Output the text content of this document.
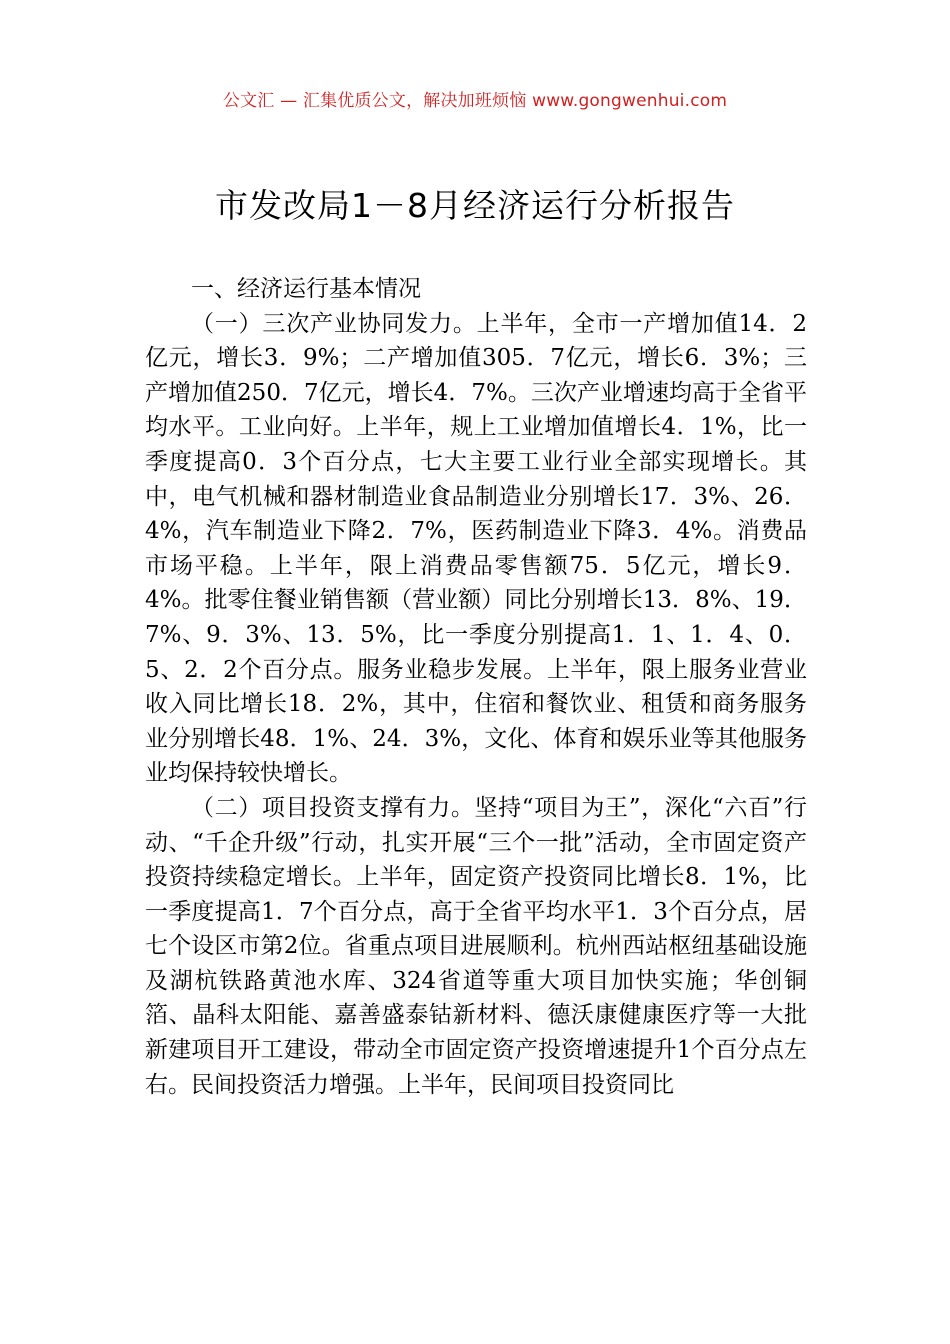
公文汇 — 汇集优质公文，解决加班烦恼 www.gongwenhui.com
市发改局1－8月经济运行分析报告

一、经济运行基本情况

（一）三次产业协同发力。上半年，全市一产增加值14．2亿元，增长3．9%；二产增加值305．7亿元，增长6．3%；三产增加值250．7亿元，增长4．7%。三次产业增速均高于全省平均水平。工业向好。上半年，规上工业增加值增长4．1%，比一季度提高0．3个百分点，七大主要工业行业全部实现增长。其中，电气机械和器材制造业食品制造业分别增长17．3%、26．4%，汽车制造业下降2．7%，医药制造业下降3．4%。消费品市场平稳。上半年，限上消费品零售额75．5亿元，增长9．4%。批零住餐业销售额（营业额）同比分别增长13．8%、19．7%、9．3%、13．5%，比一季度分别提高1．1、1．4、0．5、2．2个百分点。服务业稳步发展。上半年，限上服务业营业收入同比增长18．2%，其中，住宿和餐饮业、租赁和商务服务业分别增长48．1%、24．3%，文化、体育和娱乐业等其他服务业均保持较快增长。

（二）项目投资支撑有力。坚持“项目为王”，深化“六百”行动、“千企升级”行动，扎实开展“三个一批”活动，全市固定资产投资持续稳定增长。上半年，固定资产投资同比增长8．1%，比一季度提高1．7个百分点，高于全省平均水平1．3个百分点，居七个设区市第2位。省重点项目进展顺利。杭州西站枢纽基础设施及湖杭铁路黄池水库、324省道等重大项目加快实施；华创铜箔、晶科太阳能、嘉善盛泰钴新材料、德沃康健康医疗等一大批新建项目开工建设，带动全市固定资产投资增速提升1个百分点左右。民间投资活力增强。上半年，民间项目投资同比
